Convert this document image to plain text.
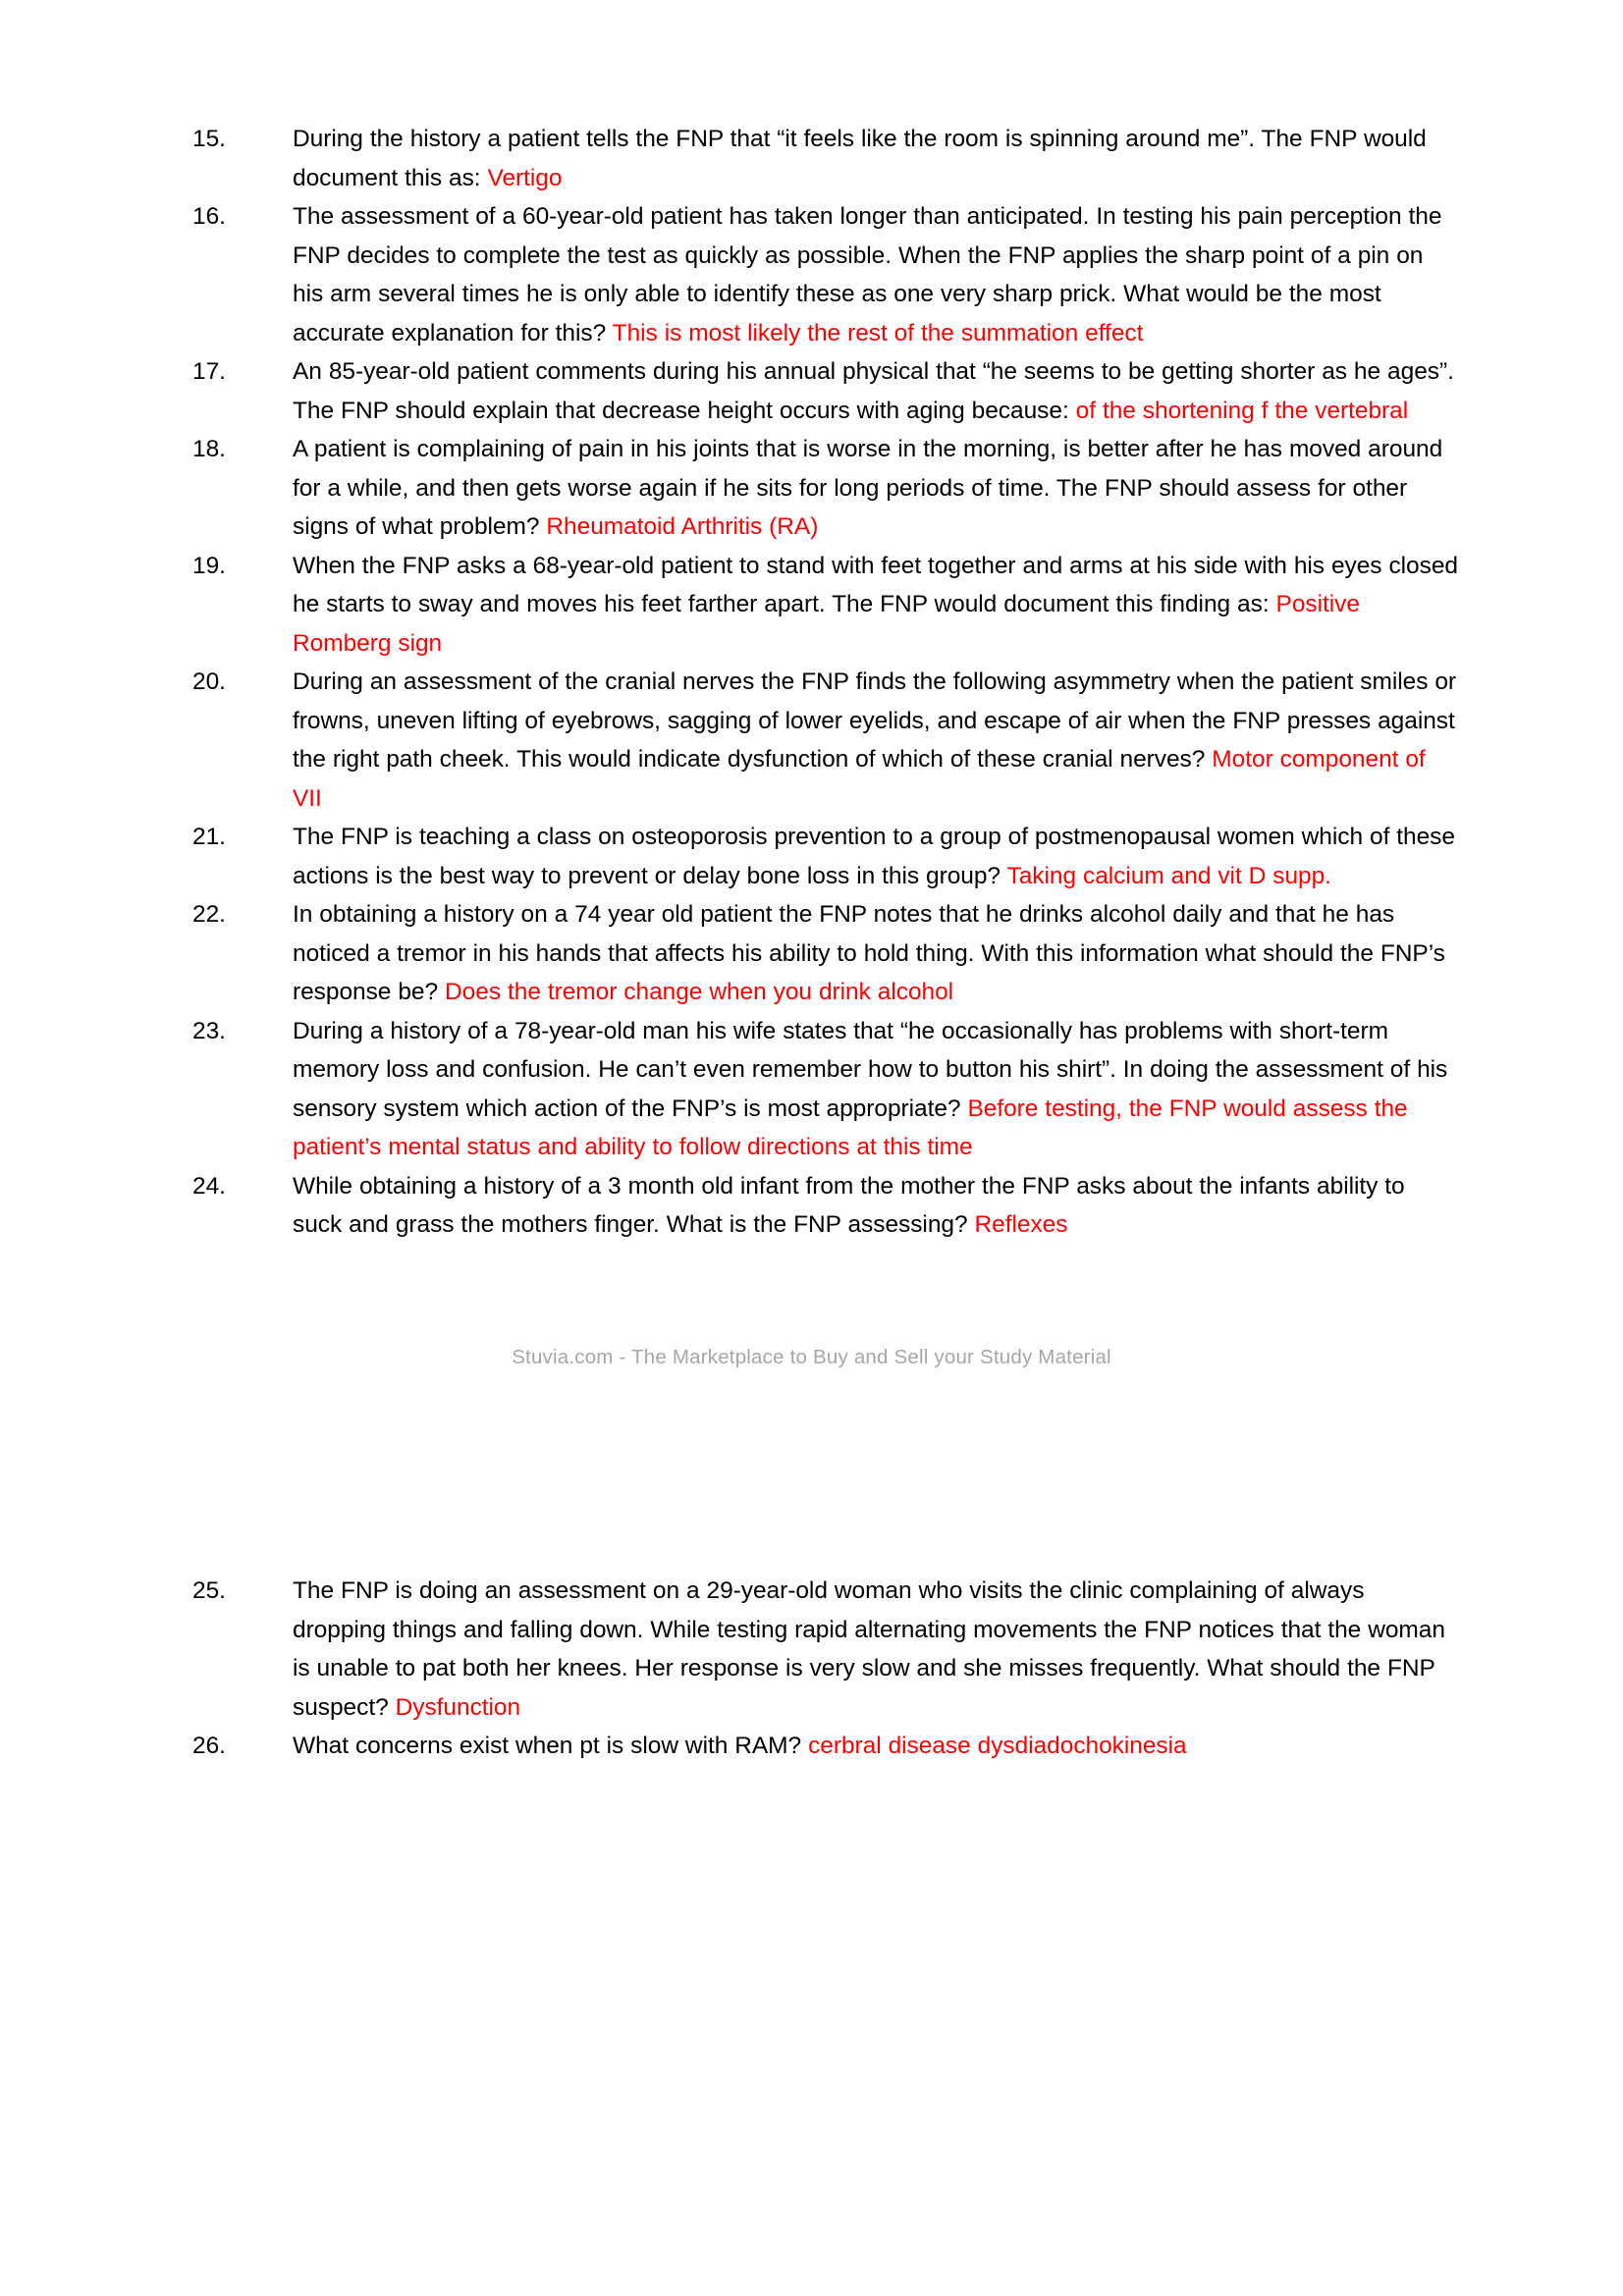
15.	During the history a patient tells the FNP that “it feels like the room is spinning around me”. The FNP would document this as: Vertigo
16.	The assessment of a 60-year-old patient has taken longer than anticipated. In testing his pain perception the FNP decides to complete the test as quickly as possible. When the FNP applies the sharp point of a pin on his arm several times he is only able to identify these as one very sharp prick. What would be the most accurate explanation for this? This is most likely the rest of the summation effect
17.	An 85-year-old patient comments during his annual physical that “he seems to be getting shorter as he ages”. The FNP should explain that decrease height occurs with aging because: of the shortening f the vertebral
18.	A patient is complaining of pain in his joints that is worse in the morning, is better after he has moved around for a while, and then gets worse again if he sits for long periods of time. The FNP should assess for other signs of what problem? Rheumatoid Arthritis (RA)
19.	When the FNP asks a 68-year-old patient to stand with feet together and arms at his side with his eyes closed he starts to sway and moves his feet farther apart. The FNP would document this finding as: Positive Romberg sign
20.	During an assessment of the cranial nerves the FNP finds the following asymmetry when the patient smiles or frowns, uneven lifting of eyebrows, sagging of lower eyelids, and escape of air when the FNP presses against the right path cheek. This would indicate dysfunction of which of these cranial nerves? Motor component of VII
21.	The FNP is teaching a class on osteoporosis prevention to a group of postmenopausal women which of these actions is the best way to prevent or delay bone loss in this group? Taking calcium and vit D supp.
22.	In obtaining a history on a 74 year old patient the FNP notes that he drinks alcohol daily and that he has noticed a tremor in his hands that affects his ability to hold thing. With this information what should the FNP’s response be? Does the tremor change when you drink alcohol
23.	During a history of a 78-year-old man his wife states that “he occasionally has problems with short-term memory loss and confusion. He can’t even remember how to button his shirt”. In doing the assessment of his sensory system which action of the FNP’s is most appropriate? Before testing, the FNP would assess the patient’s mental status and ability to follow directions at this time
24.	While obtaining a history of a 3 month old infant from the mother the FNP asks about the infants ability to suck and grass the mothers finger. What is the FNP assessing? Reflexes
Stuvia.com - The Marketplace to Buy and Sell your Study Material
25.	The FNP is doing an assessment on a 29-year-old woman who visits the clinic complaining of always dropping things and falling down. While testing rapid alternating movements the FNP notices that the woman is unable to pat both her knees. Her response is very slow and she misses frequently. What should the FNP suspect? Dysfunction
26.	What concerns exist when pt is slow with RAM? cerbral disease dysdiadochokinesia
